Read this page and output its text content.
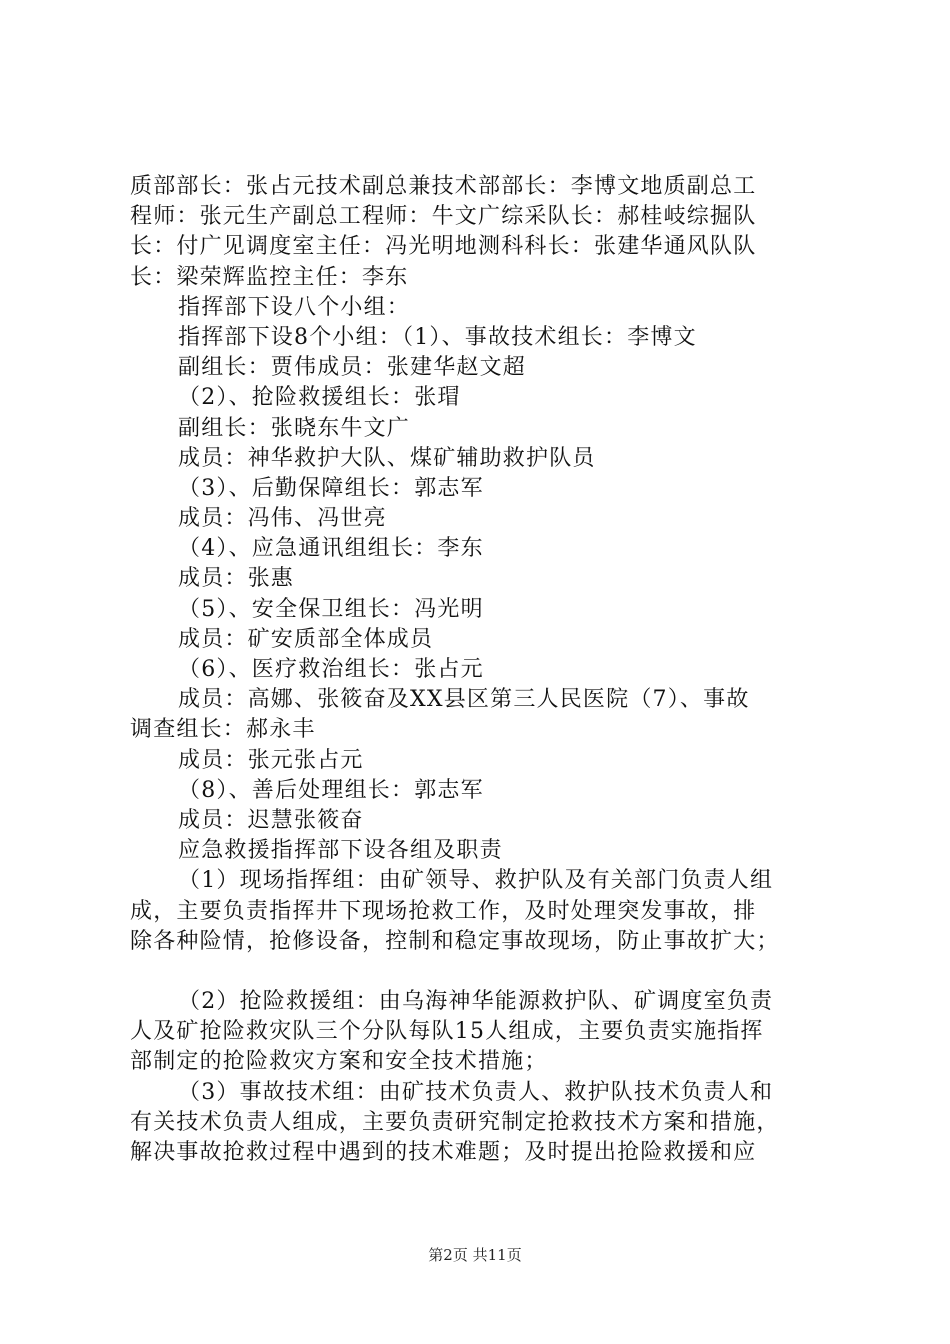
质部部长：张占元技术副总兼技术部部长：李博文地质副总工
程师：张元生产副总工程师：牛文广综采队长：郝桂岐综掘队
长：付广见调度室主任：冯光明地测科科长：张建华通风队队
长：梁荣辉监控主任：李东
指挥部下设八个小组：
指挥部下设8个小组：（1）、事故技术组长：李博文
副组长：贾伟成员：张建华赵文超
（2）、抢险救援组长：张瑁
副组长：张晓东牛文广
成员：神华救护大队、煤矿辅助救护队员
（3）、后勤保障组长：郭志军
成员：冯伟、冯世亮
（4）、应急通讯组组长：李东
成员：张惠
（5）、安全保卫组长：冯光明
成员：矿安质部全体成员
（6）、医疗救治组长：张占元
成员：高娜、张筱奋及XX县区第三人民医院（7）、事故
调查组长：郝永丰
成员：张元张占元
（8）、善后处理组长：郭志军
成员：迟慧张筱奋
应急救援指挥部下设各组及职责
（1）现场指挥组：由矿领导、救护队及有关部门负责人组
成，主要负责指挥井下现场抢救工作，及时处理突发事故，排
除各种险情，抢修设备，控制和稳定事故现场，防止事故扩大；
（2）抢险救援组：由乌海神华能源救护队、矿调度室负责
人及矿抢险救灾队三个分队每队15人组成，主要负责实施指挥
部制定的抢险救灾方案和安全技术措施；
（3）事故技术组：由矿技术负责人、救护队技术负责人和
有关技术负责人组成，主要负责研究制定抢救技术方案和措施，
解决事故抢救过程中遇到的技术难题；及时提出抢险救援和应
第2页 共11页
